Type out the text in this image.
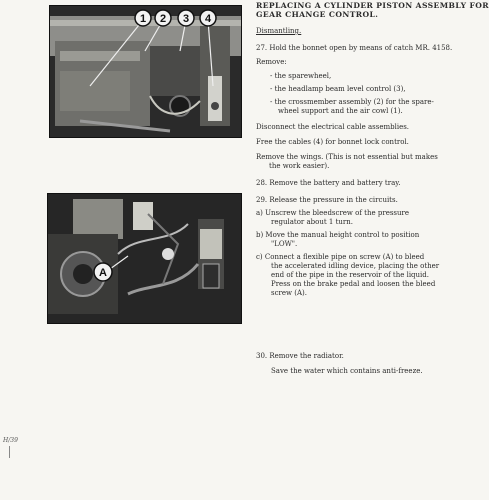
1 2 3 4
A
REPLACING A CYLINDER PISTON ASSEMBLY FOR
GEAR CHANGE CONTROL.
Dismantling.
27. Hold the bonnet open by means of catch MR. 4158.
Remove:
- the sparewheel,
- the headlamp beam level control (3),
- the crossmember assembly (2) for the spare-
wheel support and the air cowl (1).
Disconnect the electrical cable assemblies.
Free the cables (4) for bonnet lock control.
Remove the wings. (This is not essential but makes
the work easier).
28. Remove the battery and battery tray.
29. Release the pressure in the circuits.
a) Unscrew the bleedscrew of the pressure
regulator about 1 turn.
b) Move the manual height control to position
"LOW".
c) Connect a flexible pipe on screw (A) to bleed
the accelerated idling device, placing the other
end of the pipe in the reservoir of the liquid.
Press on the brake pedal and loosen the bleed
screw (A).
30. Remove the radiator.
Save the water which contains anti-freeze.
H/39
